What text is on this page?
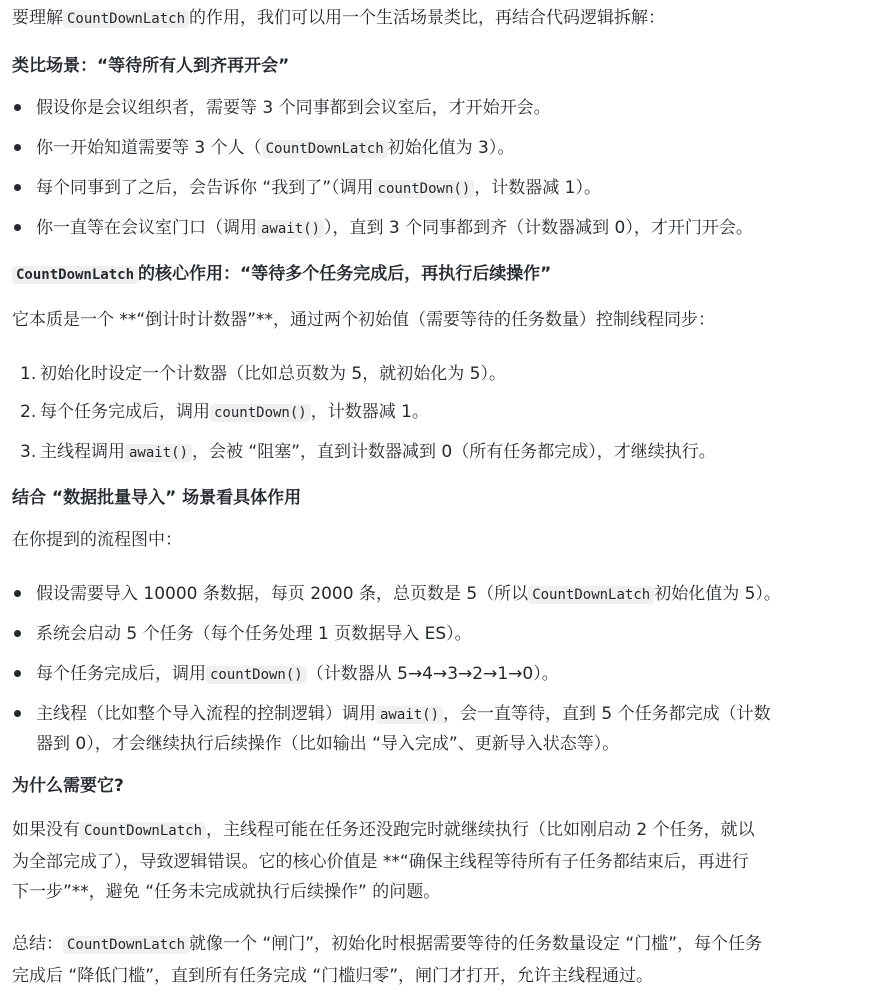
要理解 CountDownLatch 的作用，我们可以用一个生活场景类比，再结合代码逻辑拆解：
类比场景：“等待所有人到齐再开会”
假设你是会议组织者，需要等 3 个同事都到会议室后，才开始开会。
你一开始知道需要等 3 个人（ CountDownLatch 初始化值为 3）。
每个同事到了之后，会告诉你 “我到了”（调用 countDown() ，计数器减 1）。
你一直等在会议室门口（调用 await() ），直到 3 个同事都到齐（计数器减到 0），才开门开会。
CountDownLatch 的核心作用：“等待多个任务完成后，再执行后续操作”
它本质是一个 **“倒计时计数器”**，通过两个初始值（需要等待的任务数量）控制线程同步：
1. 初始化时设定一个计数器（比如总页数为 5，就初始化为 5）。
2. 每个任务完成后，调用 countDown() ，计数器减 1。
3. 主线程调用 await() ，会被 “阻塞”，直到计数器减到 0（所有任务都完成），才继续执行。
结合 “数据批量导入” 场景看具体作用
在你提到的流程图中：
假设需要导入 10000 条数据，每页 2000 条，总页数是 5（所以 CountDownLatch 初始化值为 5）。
系统会启动 5 个任务（每个任务处理 1 页数据导入 ES）。
每个任务完成后，调用 countDown() （计数器从 5→4→3→2→1→0）。
主线程（比如整个导入流程的控制逻辑）调用 await() ，会一直等待，直到 5 个任务都完成（计数
器到 0），才会继续执行后续操作（比如输出 “导入完成”、更新导入状态等）。
为什么需要它?
如果没有 CountDownLatch ，主线程可能在任务还没跑完时就继续执行（比如刚启动 2 个任务，就以
为全部完成了），导致逻辑错误。它的核心价值是 **“确保主线程等待所有子任务都结束后，再进行
下一步”**，避免 “任务未完成就执行后续操作” 的问题。
总结： CountDownLatch 就像一个 “闸门”，初始化时根据需要等待的任务数量设定 “门槛”，每个任务
完成后 “降低门槛”，直到所有任务完成 “门槛归零”，闸门才打开，允许主线程通过。
